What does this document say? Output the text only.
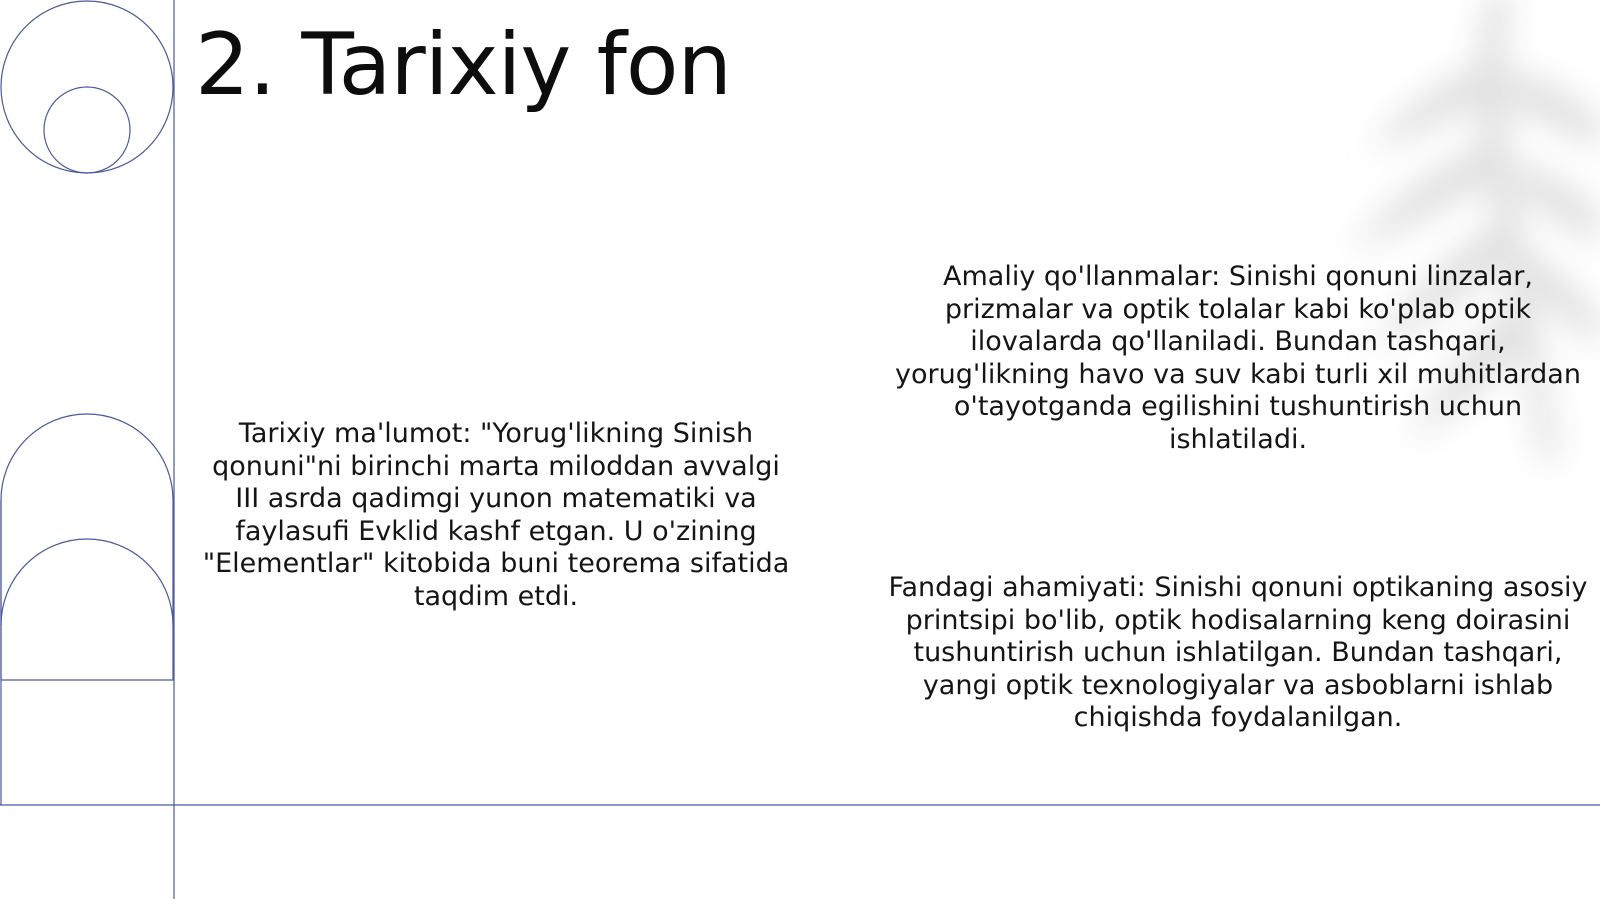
2. Tarixiy fon

Tarixiy ma'lumot: "Yorug'likning Sinish qonuni"ni birinchi marta miloddan avvalgi III asrda qadimgi yunon matematiki va faylasufi Evklid kashf etgan. U o'zining "Elementlar" kitobida buni teorema sifatida taqdim etdi.

Amaliy qo'llanmalar: Sinishi qonuni linzalar, prizmalar va optik tolalar kabi ko'plab optik ilovalarda qo'llaniladi. Bundan tashqari, yorug'likning havo va suv kabi turli xil muhitlardan o'tayotganda egilishini tushuntirish uchun ishlatiladi.

Fandagi ahamiyati: Sinishi qonuni optikaning asosiy printsipi bo'lib, optik hodisalarning keng doirasini tushuntirish uchun ishlatilgan. Bundan tashqari, yangi optik texnologiyalar va asboblarni ishlab chiqishda foydalanilgan.
